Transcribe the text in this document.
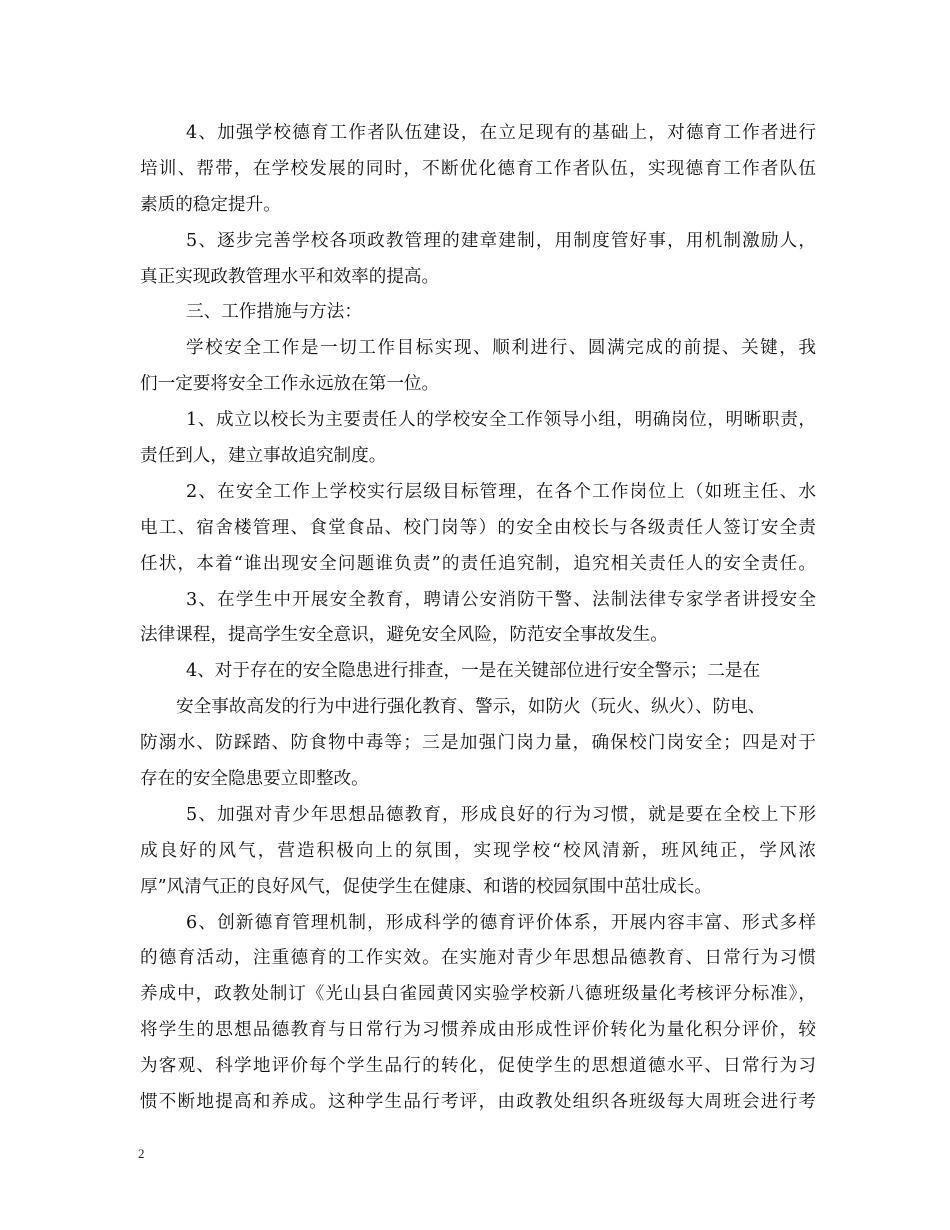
4、加强学校德育工作者队伍建设，在立足现有的基础上，对德育工作者进行
培训、帮带，在学校发展的同时，不断优化德育工作者队伍，实现德育工作者队伍
素质的稳定提升。
5、逐步完善学校各项政教管理的建章建制，用制度管好事，用机制激励人，
真正实现政教管理水平和效率的提高。
三、工作措施与方法：
学校安全工作是一切工作目标实现、顺利进行、圆满完成的前提、关键，我
们一定要将安全工作永远放在第一位。
1、成立以校长为主要责任人的学校安全工作领导小组，明确岗位，明晰职责，
责任到人，建立事故追究制度。
2、在安全工作上学校实行层级目标管理，在各个工作岗位上（如班主任、水
电工、宿舍楼管理、食堂食品、校门岗等）的安全由校长与各级责任人签订安全责
任状，本着“谁出现安全问题谁负责”的责任追究制，追究相关责任人的安全责任。
3、在学生中开展安全教育，聘请公安消防干警、法制法律专家学者讲授安全
法律课程，提高学生安全意识，避免安全风险，防范安全事故发生。
4、对于存在的安全隐患进行排查，一是在关键部位进行安全警示；二是在
安全事故高发的行为中进行强化教育、警示，如防火（玩火、纵火）、防电、
防溺水、防踩踏、防食物中毒等；三是加强门岗力量，确保校门岗安全；四是对于
存在的安全隐患要立即整改。
5、加强对青少年思想品德教育，形成良好的行为习惯，就是要在全校上下形
成良好的风气，营造积极向上的氛围，实现学校“校风清新，班风纯正，学风浓
厚”风清气正的良好风气，促使学生在健康、和谐的校园氛围中茁壮成长。
6、创新德育管理机制，形成科学的德育评价体系，开展内容丰富、形式多样
的德育活动，注重德育的工作实效。在实施对青少年思想品德教育、日常行为习惯
养成中，政教处制订《光山县白雀园黄冈实验学校新八德班级量化考核评分标准》，
将学生的思想品德教育与日常行为习惯养成由形成性评价转化为量化积分评价，较
为客观、科学地评价每个学生品行的转化，促使学生的思想道德水平、日常行为习
惯不断地提高和养成。这种学生品行考评，由政教处组织各班级每大周班会进行考
2
